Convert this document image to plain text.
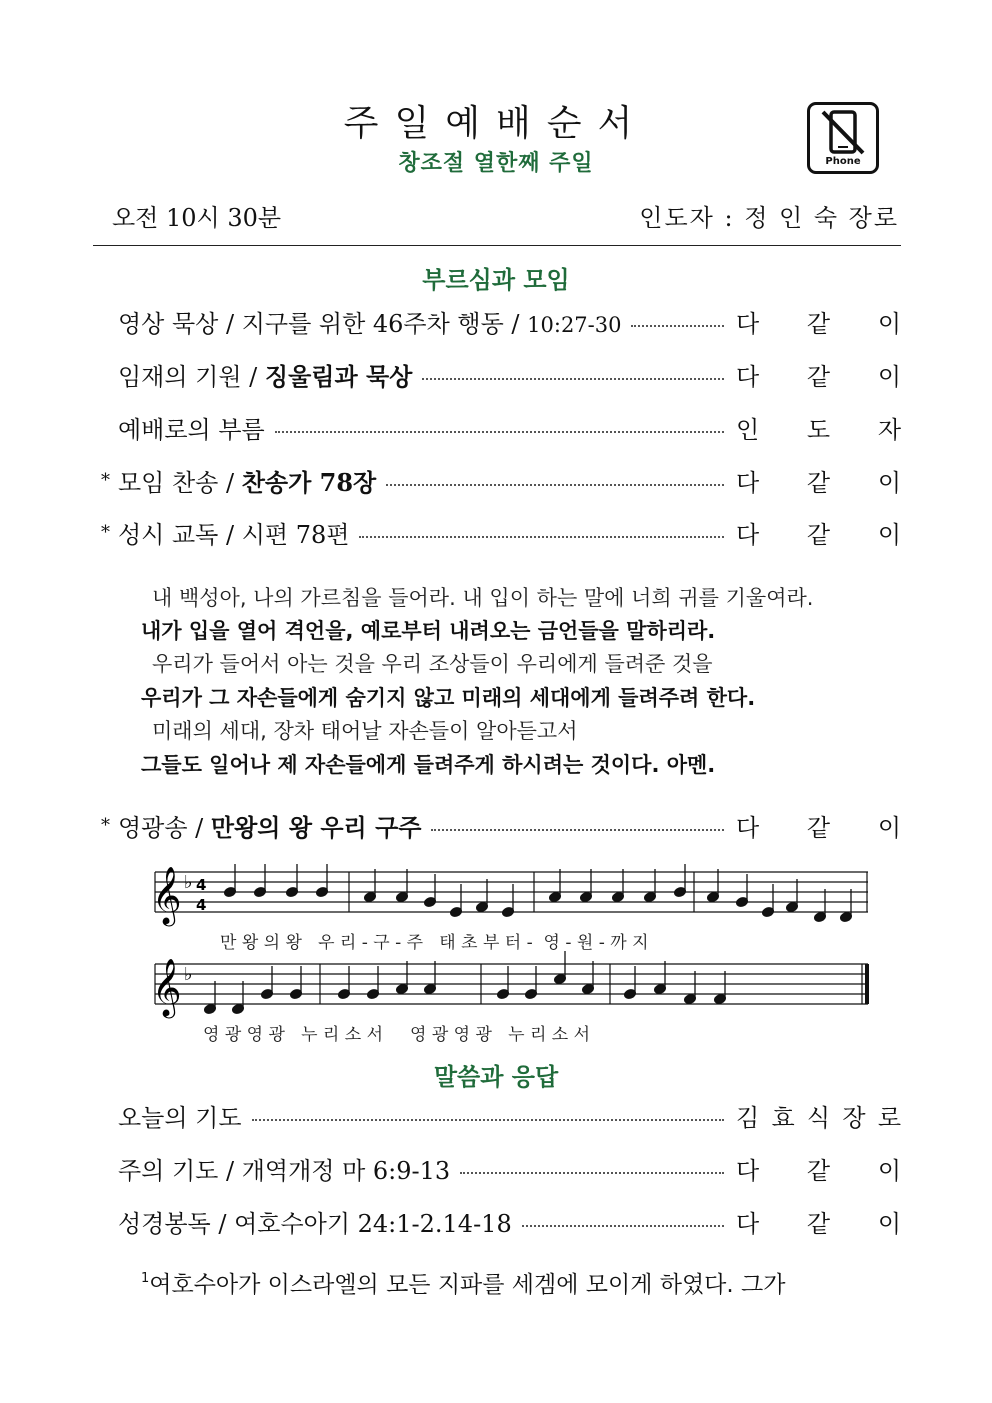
주일예배순서
창조절 열한째 주일	Phone
오전 10시 30분	인도자 : 정 인 숙 장로
부르심과 모임
영상 묵상 / 지구를 위한 46주차 행동 / 10:27-30	다 같 이
임재의 기원 / 징울림과 묵상	다 같 이
예배로의 부름	인 도 자
* 모임 찬송 / 찬송가 78장	다 같 이
* 성시 교독 / 시편 78편	다 같 이
내 백성아, 나의 가르침을 들어라. 내 입이 하는 말에 너희 귀를 기울여라.
내가 입을 열어 격언을, 예로부터 내려오는 금언들을 말하리라.
우리가 들어서 아는 것을 우리 조상들이 우리에게 들려준 것을
우리가 그 자손들에게 숨기지 않고 미래의 세대에게 들려주려 한다.
미래의 세대, 장차 태어날 자손들이 알아듣고서
그들도 일어나 제 자손들에게 들려주게 하시려는 것이다. 아멘.
* 영광송 / 만왕의 왕 우리 구주	다 같 이
𝄞
𝄞
♭
♭
4
4
만 왕 의 왕   우 리 - 구 - 주   태 초 부 터 -  영 - 원 - 까 지
영 광 영 광   누 리 소 서     영 광 영 광   누 리 소 서
말씀과 응답
오늘의 기도	김 효 식 장 로
주의 기도 / 개역개정 마 6:9-13	다 같 이
성경봉독 / 여호수아기 24:1-2.14-18	다 같 이
$^1$여호수아가 이스라엘의 모든 지파를 세겜에 모이게 하였다. 그가
